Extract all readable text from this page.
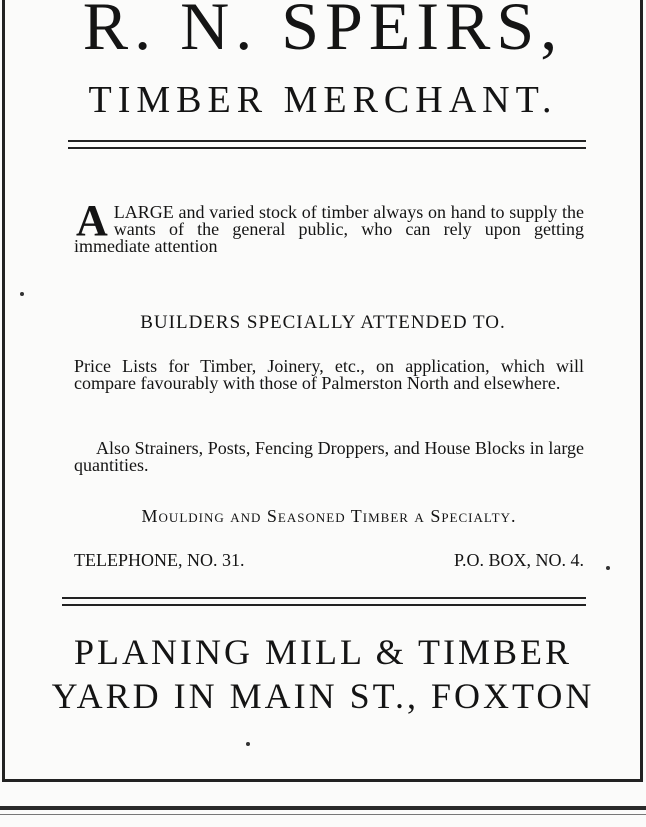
R. N. SPEIRS,
TIMBER MERCHANT.
ALARGE and varied stock of timber always on hand to supply the wants of the general public, who can rely upon getting immediate attention
BUILDERS SPECIALLY ATTENDED TO.
Price Lists for Timber, Joinery, etc., on application, which will compare favourably with those of Palmerston North and elsewhere.
Also Strainers, Posts, Fencing Droppers, and House Blocks in large quantities.
Moulding and Seasoned Timber a Specialty.
TELEPHONE, NO. 31.	P.O. BOX, NO. 4.
PLANING MILL & TIMBER
YARD IN MAIN ST., FOXTON
